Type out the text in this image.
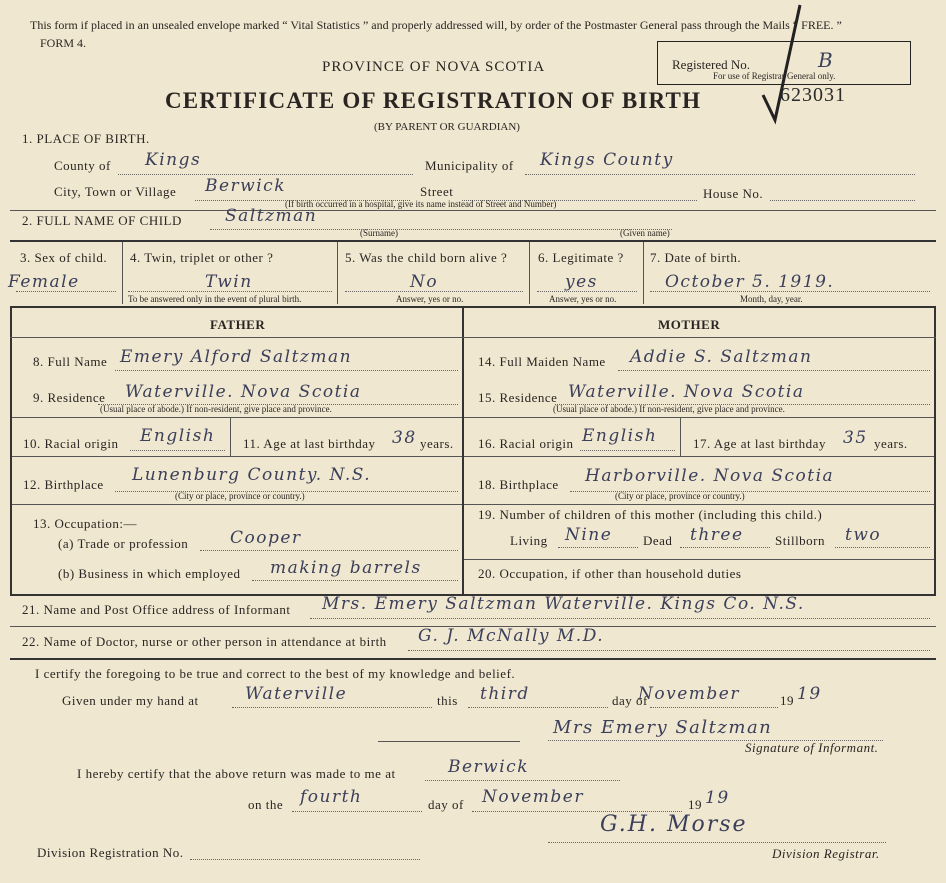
This form if placed in an unsealed envelope marked “ Vital Statistics ” and properly addressed will, by order of the Postmaster General pass through the Mails “ FREE. ”
FORM 4.
PROVINCE OF NOVA SCOTIA
CERTIFICATE OF REGISTRATION OF BIRTH
(BY PARENT OR GUARDIAN)
Registered No.	B
For use of Registrar General only.
623031
1. PLACE OF BIRTH.
County of Kings	Municipality of Kings County
City, Town or Village Berwick	Street	House No.
(If birth occurred in a hospital, give its name instead of Street and Number)
2. FULL NAME OF CHILD	Saltzman
(Surname)	(Given name)
3. Sex of child.
Female
4. Twin, triplet or other ?
Twin
To be answered only in the event of plural birth.
5. Was the child born alive ?
No
Answer, yes or no.
6. Legitimate ?
yes
Answer, yes or no.
7. Date of birth.
October 5. 1919.
Month, day, year.
FATHER	MOTHER
8. Full Name Emery Alford Saltzman
9. Residence Waterville. Nova Scotia
(Usual place of abode.) If non-resident, give place and province.
10. Racial origin English 11. Age at last birthday 38 years.
12. Birthplace Lunenburg County. N.S.
(City or place, province or country.)
13. Occupation:—
(a) Trade or profession Cooper
(b) Business in which employed making barrels
14. Full Maiden Name Addie S. Saltzman
15. Residence Waterville. Nova Scotia
(Usual place of abode.) If non-resident, give place and province.
16. Racial origin English	17. Age at last birthday 35 years.
18. Birthplace Harborville. Nova Scotia
(City or place, province or country.)
19. Number of children of this mother (including this child.)
Living Nine Dead three Stillborn two
20. Occupation, if other than household duties
21. Name and Post Office address of Informant Mrs. Emery Saltzman Waterville. Kings Co. N.S.
22. Name of Doctor, nurse or other person in attendance at birth G. J. McNally M.D.
I certify the foregoing to be true and correct to the best of my knowledge and belief.
Given under my hand at	Waterville	this third	day of
November	19 19
Mrs Emery Saltzman
Signature of Informant.
I hereby certify that the above return was made to me at	Berwick
on the fourth	day of November	19 19
G.H. Morse
Division Registration No.	Division Registrar.
